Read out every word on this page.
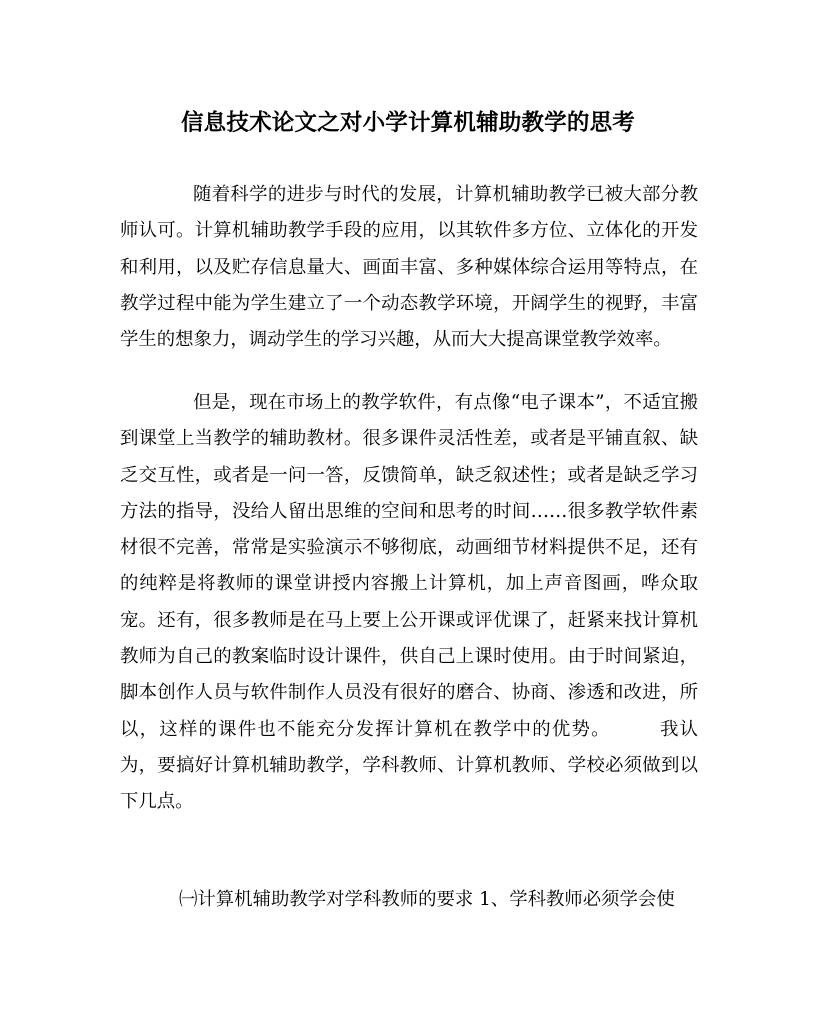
信息技术论文之对小学计算机辅助教学的思考

随着科学的进步与时代的发展，计算机辅助教学已被大部分教师认可。计算机辅助教学手段的应用，以其软件多方位、立体化的开发和利用，以及贮存信息量大、画面丰富、多种媒体综合运用等特点，在教学过程中能为学生建立了一个动态教学环境，开阔学生的视野，丰富学生的想象力，调动学生的学习兴趣，从而大大提高课堂教学效率。

但是，现在市场上的教学软件，有点像“电子课本”，不适宜搬到课堂上当教学的辅助教材。很多课件灵活性差，或者是平铺直叙、缺乏交互性，或者是一问一答，反馈简单，缺乏叙述性；或者是缺乏学习方法的指导，没给人留出思维的空间和思考的时间……很多教学软件素材很不完善，常常是实验演示不够彻底，动画细节材料提供不足，还有的纯粹是将教师的课堂讲授内容搬上计算机，加上声音图画，哗众取宠。还有，很多教师是在马上要上公开课或评优课了，赶紧来找计算机教师为自己的教案临时设计课件，供自己上课时使用。由于时间紧迫，脚本创作人员与软件制作人员没有很好的磨合、协商、渗透和改进，所以，这样的课件也不能充分发挥计算机在教学中的优势。	我认为，要搞好计算机辅助教学，学科教师、计算机教师、学校必须做到以下几点。

㈠计算机辅助教学对学科教师的要求 1、学科教师必须学会使
